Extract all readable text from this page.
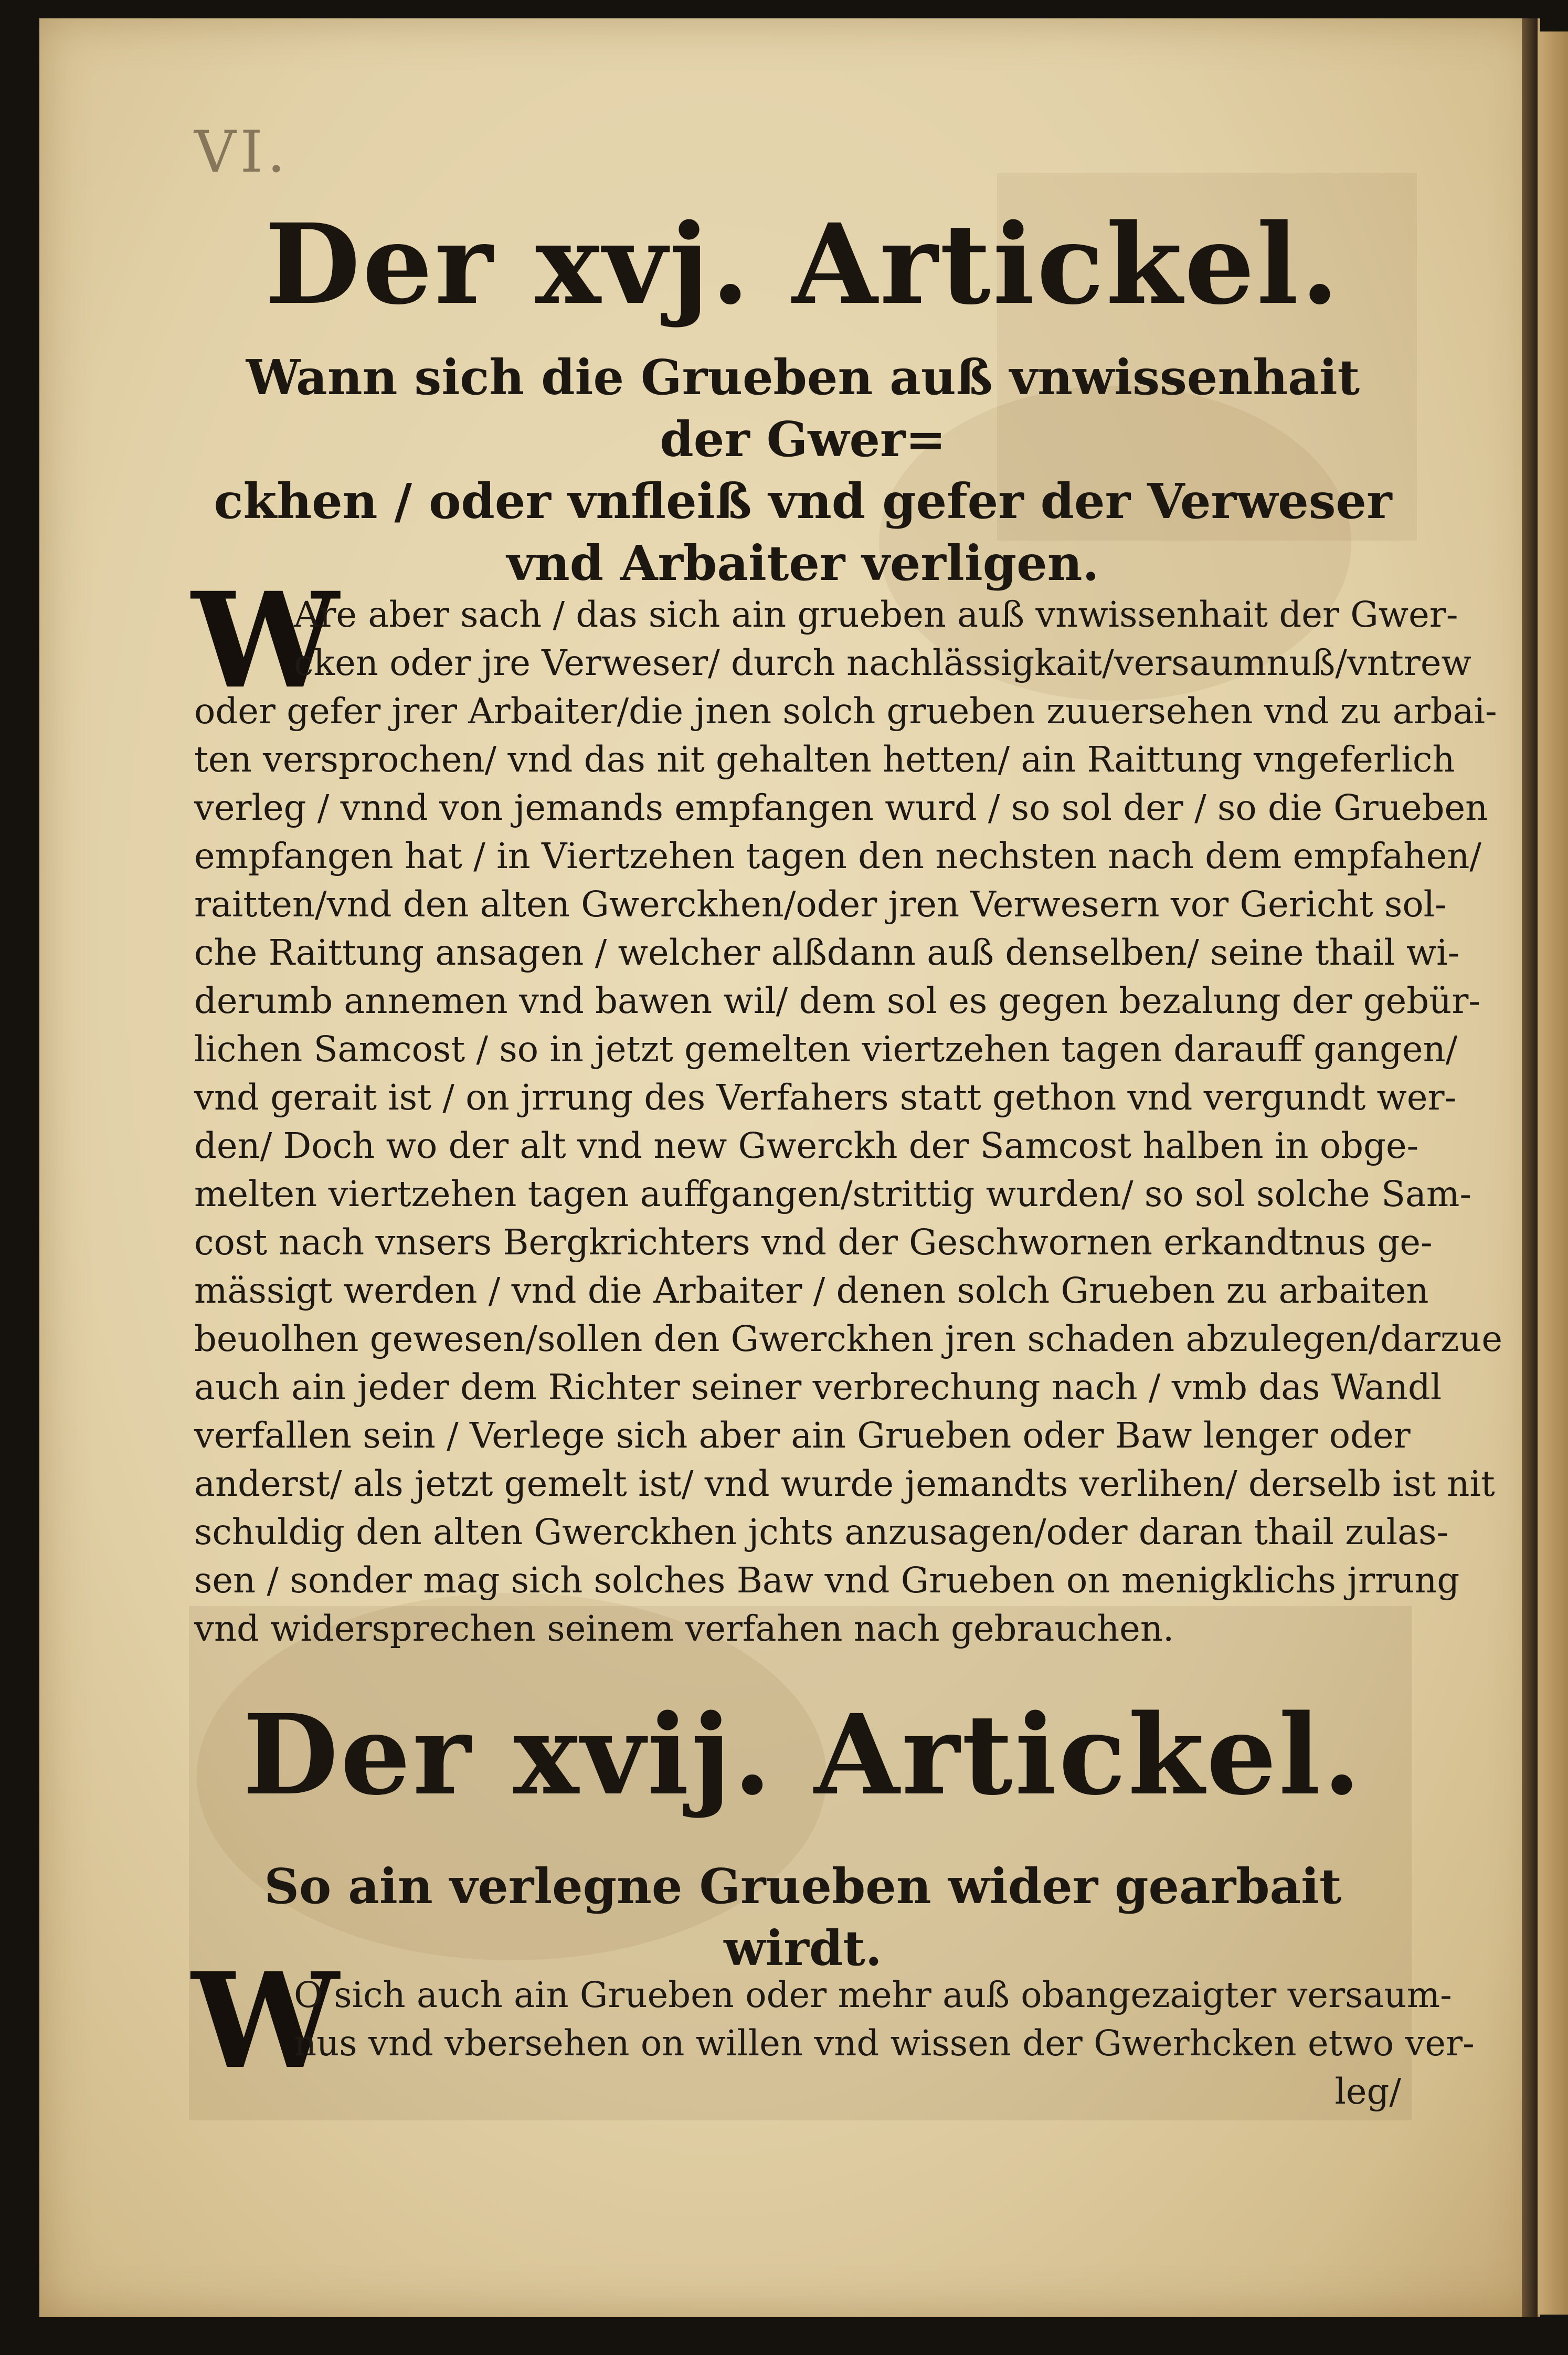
VI.
Der xvj. Artickel.
Wann sich die Grueben auß vnwissenhait der Gwer=
ckhen / oder vnfleiß vnd gefer der Verweser
vnd Arbaiter verligen.
W
Are aber sach / das sich ain grueben auß vnwissenhait der Gwer-
cken oder jre Verweser/ durch nachlässigkait/versaumnuß/vntrew
oder gefer jrer Arbaiter/die jnen solch grueben zuuersehen vnd zu arbai-
ten versprochen/ vnd das nit gehalten hetten/ ain Raittung vngeferlich
verleg / vnnd von jemands empfangen wurd / so sol der / so die Grueben
empfangen hat / in Viertzehen tagen den nechsten nach dem empfahen/
raitten/vnd den alten Gwerckhen/oder jren Verwesern vor Gericht sol-
che Raittung ansagen / welcher alßdann auß denselben/ seine thail wi-
derumb annemen vnd bawen wil/ dem sol es gegen bezalung der gebür-
lichen Samcost / so in jetzt gemelten viertzehen tagen darauff gangen/
vnd gerait ist / on jrrung des Verfahers statt gethon vnd vergundt wer-
den/ Doch wo der alt vnd new Gwerckh der Samcost halben in obge-
melten viertzehen tagen auffgangen/strittig wurden/ so sol solche Sam-
cost nach vnsers Bergkrichters vnd der Geschwornen erkandtnus ge-
mässigt werden / vnd die Arbaiter / denen solch Grueben zu arbaiten
beuolhen gewesen/sollen den Gwerckhen jren schaden abzulegen/darzue
auch ain jeder dem Richter seiner verbrechung nach / vmb das Wandl
verfallen sein / Verlege sich aber ain Grueben oder Baw lenger oder
anderst/ als jetzt gemelt ist/ vnd wurde jemandts verlihen/ derselb ist nit
schuldig den alten Gwerckhen jchts anzusagen/oder daran thail zulas-
sen / sonder mag sich solches Baw vnd Grueben on menigklichs jrrung
vnd widersprechen seinem verfahen nach gebrauchen.
Der xvij. Artickel.
So ain verlegne Grueben wider gearbait wirdt.
W
O sich auch ain Grueben oder mehr auß obangezaigter versaum-
nus vnd vbersehen on willen vnd wissen der Gwerhcken etwo ver-
leg/
